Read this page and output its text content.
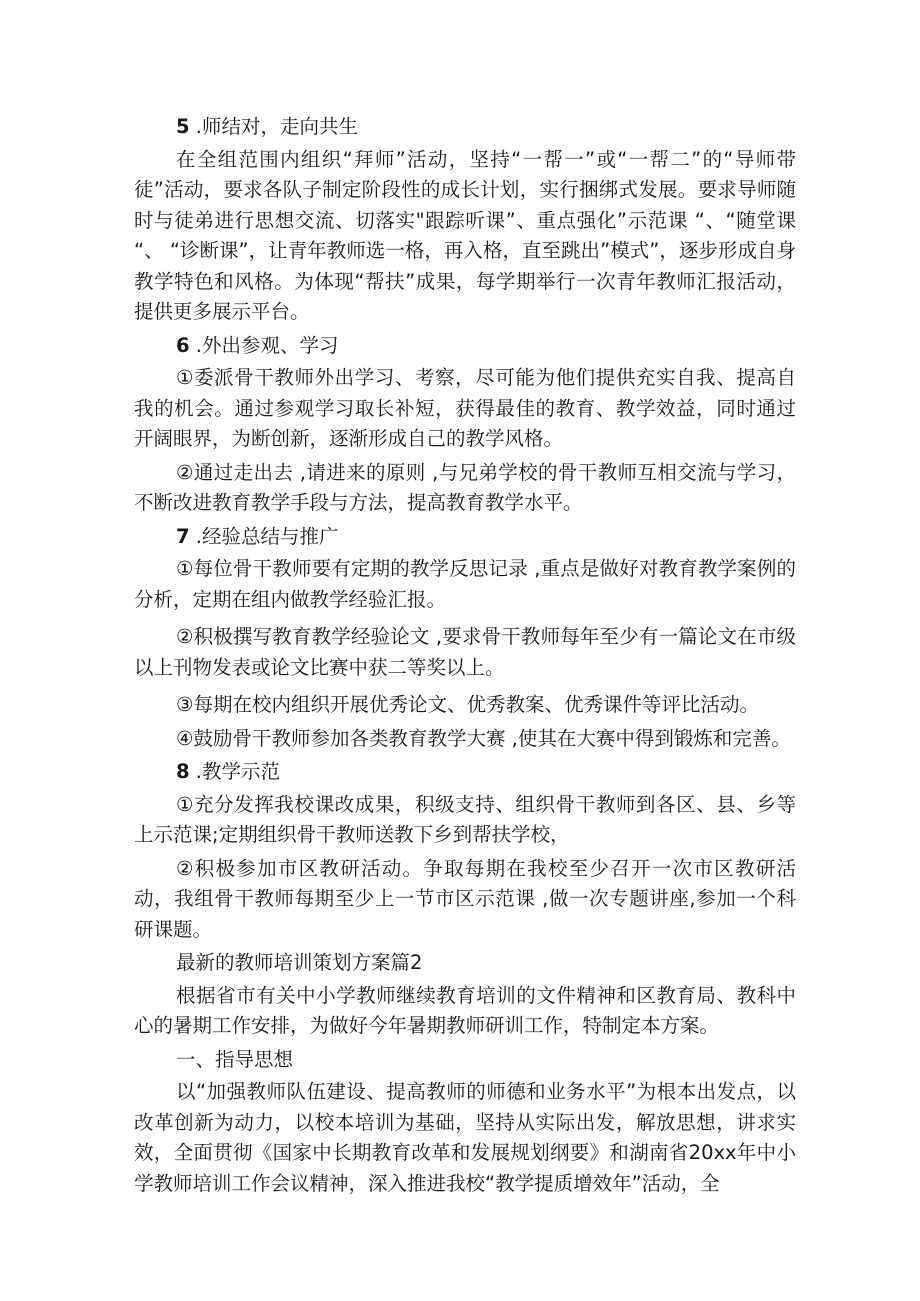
5 .师结对，走向共生

在全组范围内组织“拜师”活动，坚持“一帮一”或“一帮二”的“导师带徒”活动，要求各队子制定阶段性的成长计划，实行捆绑式发展。要求导师随时与徒弟进行思想交流、切落实"跟踪听课”、重点强化”示范课 “、“随堂课 “、 “诊断课”，让青年教师选一格，再入格，直至跳出”模式”，逐步形成自身教学特色和风格。为体现“帮扶”成果，每学期举行一次青年教师汇报活动，提供更多展示平台。

6 .外出参观、学习

①委派骨干教师外出学习、考察，尽可能为他们提供充实自我、提高自我的机会。通过参观学习取长补短，获得最佳的教育、教学效益，同时通过开阔眼界，为断创新，逐渐形成自己的教学风格。

②通过走出去 ,请进来的原则 ,与兄弟学校的骨干教师互相交流与学习，不断改进教育教学手段与方法，提高教育教学水平。

7 .经验总结与推广

①每位骨干教师要有定期的教学反思记录 ,重点是做好对教育教学案例的分析，定期在组内做教学经验汇报。

②积极撰写教育教学经验论文 ,要求骨干教师每年至少有一篇论文在市级以上刊物发表或论文比赛中获二等奖以上。

③每期在校内组织开展优秀论文、优秀教案、优秀课件等评比活动。

④鼓励骨干教师参加各类教育教学大赛 ,使其在大赛中得到锻炼和完善。

8 .教学示范

①充分发挥我校课改成果，积级支持、组织骨干教师到各区、县、乡等上示范课;定期组织骨干教师送教下乡到帮扶学校，

②积极参加市区教研活动。争取每期在我校至少召开一次市区教研活动，我组骨干教师每期至少上一节市区示范课 ,做一次专题讲座,参加一个科研课题。

最新的教师培训策划方案篇2

根据省市有关中小学教师继续教育培训的文件精神和区教育局、教科中心的暑期工作安排，为做好今年暑期教师研训工作，特制定本方案。

一、指导思想

以“加强教师队伍建设、提高教师的师德和业务水平”为根本出发点，以改革创新为动力，以校本培训为基础，坚持从实际出发，解放思想，讲求实效，全面贯彻《国家中长期教育改革和发展规划纲要》和湖南省20xx年中小学教师培训工作会议精神，深入推进我校“教学提质增效年”活动，全
